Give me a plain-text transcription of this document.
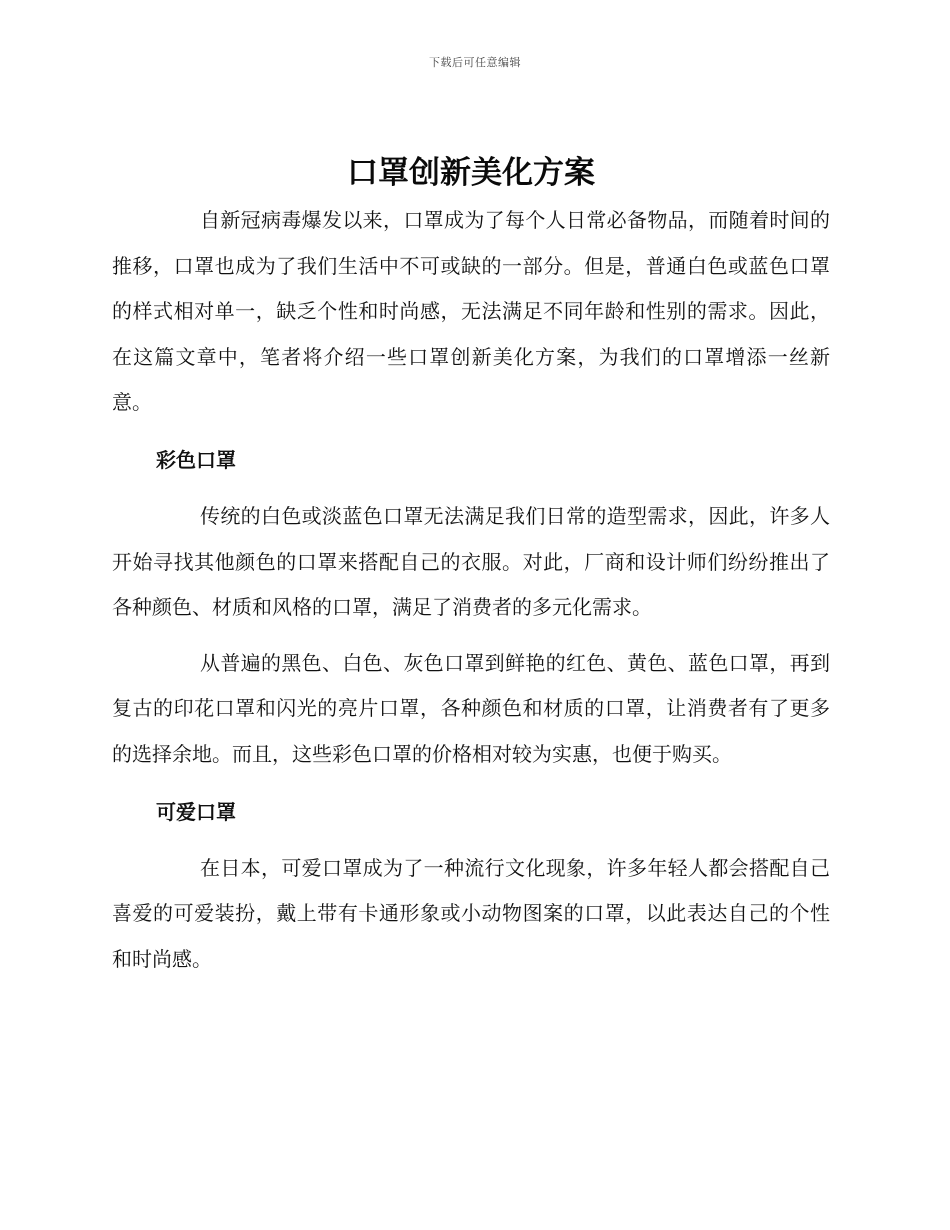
下载后可任意编辑
口罩创新美化方案

自新冠病毒爆发以来，口罩成为了每个人日常必备物品，而随着时间的推移，口罩也成为了我们生活中不可或缺的一部分。但是，普通白色或蓝色口罩的样式相对单一，缺乏个性和时尚感，无法满足不同年龄和性别的需求。因此，在这篇文章中，笔者将介绍一些口罩创新美化方案，为我们的口罩增添一丝新意。

彩色口罩

传统的白色或淡蓝色口罩无法满足我们日常的造型需求，因此，许多人开始寻找其他颜色的口罩来搭配自己的衣服。对此，厂商和设计师们纷纷推出了各种颜色、材质和风格的口罩，满足了消费者的多元化需求。

从普遍的黑色、白色、灰色口罩到鲜艳的红色、黄色、蓝色口罩，再到复古的印花口罩和闪光的亮片口罩，各种颜色和材质的口罩，让消费者有了更多的选择余地。而且，这些彩色口罩的价格相对较为实惠，也便于购买。

可爱口罩

在日本，可爱口罩成为了一种流行文化现象，许多年轻人都会搭配自己喜爱的可爱装扮，戴上带有卡通形象或小动物图案的口罩，以此表达自己的个性和时尚感。
